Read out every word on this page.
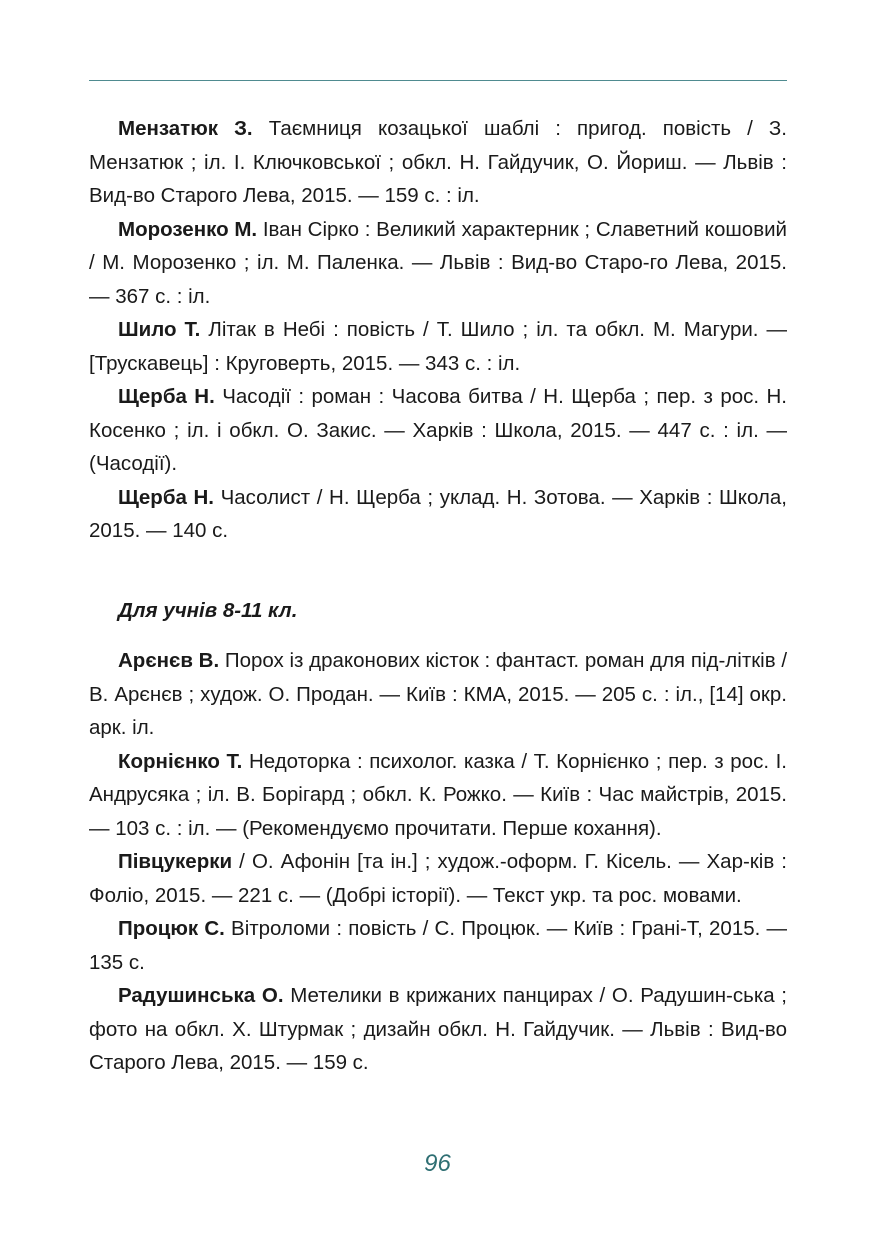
Мензатюк З. Таємниця козацької шаблі : пригод. повість / З. Мензатюк ; іл. І. Ключковської ; обкл. Н. Гайдучик, О. Йориш. — Львів : Вид-во Старого Лева, 2015. — 159 с. : іл.

Морозенко М. Іван Сірко : Великий характерник ; Славетний кошовий / М. Морозенко ; іл. М. Паленка. — Львів : Вид-во Старо-го Лева, 2015. — 367 с. : іл.

Шило Т. Літак в Небі : повість / Т. Шило ; іл. та обкл. М. Магури. — [Трускавець] : Круговерть, 2015. — 343 с. : іл.

Щерба Н. Часодії : роман : Часова битва / Н. Щерба ; пер. з рос. Н. Косенко ; іл. і обкл. О. Закис. — Харків : Школа, 2015. — 447 с. : іл. — (Часодії).

Щерба Н. Часолист / Н. Щерба ; уклад. Н. Зотова. — Харків : Школа, 2015. — 140 с.

Для учнів 8-11 кл.

Арєнєв В. Порох із драконових кісток : фантаст. роман для під-літків / В. Арєнєв ; худож. О. Продан. — Київ : КМА, 2015. — 205 с. : іл., [14] окр. арк. іл.

Корнієнко Т. Недоторка : психолог. казка / Т. Корнієнко ; пер. з рос. І. Андрусяка ; іл. В. Борігард ; обкл. К. Рожко. — Київ : Час майстрів, 2015. — 103 с. : іл. — (Рекомендуємо прочитати. Перше кохання).

Півцукерки / О. Афонін [та ін.] ; худож.-оформ. Г. Кісель. — Хар-ків : Фоліо, 2015. — 221 с. — (Добрі історії). — Текст укр. та рос. мовами.

Процюк С. Вітроломи : повість / С. Процюк. — Київ : Грані-Т, 2015. — 135 с.

Радушинська О. Метелики в крижаних панцирах / О. Радушин-ська ; фото на обкл. Х. Штурмак ; дизайн обкл. Н. Гайдучик. — Львів : Вид-во Старого Лева, 2015. — 159 с.

96
